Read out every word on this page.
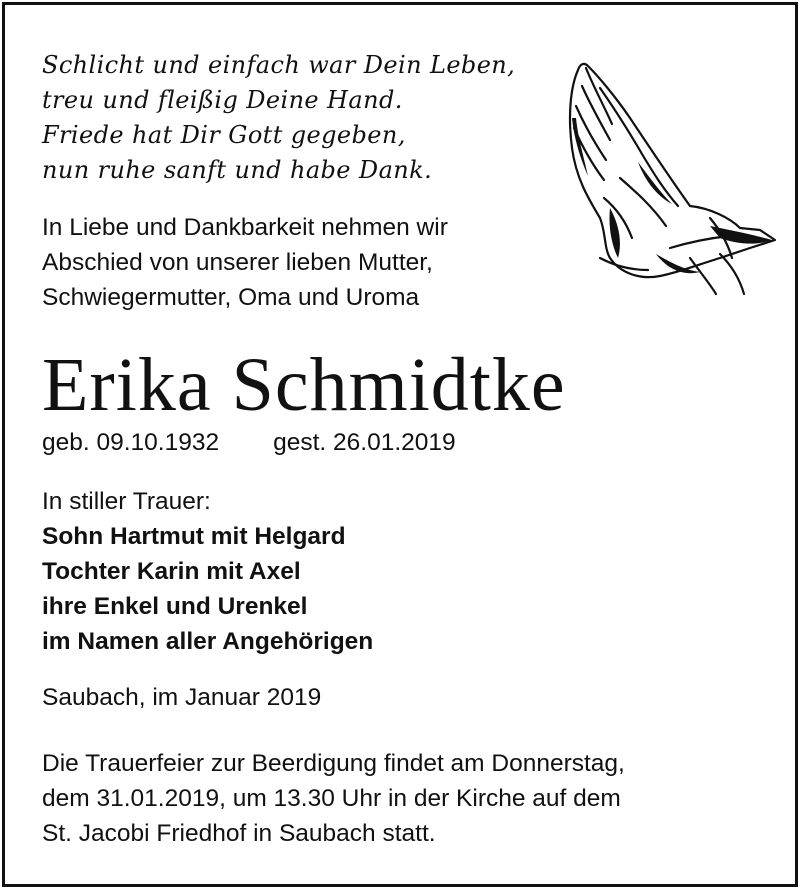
Schlicht und einfach war Dein Leben,
treu und fleißig Deine Hand.
Friede hat Dir Gott gegeben,
nun ruhe sanft und habe Dank.
In Liebe und Dankbarkeit nehmen wir
Abschied von unserer lieben Mutter,
Schwiegermutter, Oma und Uroma
Erika Schmidtke
geb. 09.10.1932 gest. 26.01.2019
In stiller Trauer:
Sohn Hartmut mit Helgard
Tochter Karin mit Axel
ihre Enkel und Urenkel
im Namen aller Angehörigen
Saubach, im Januar 2019
Die Trauerfeier zur Beerdigung findet am Donnerstag,
dem 31.01.2019, um 13.30 Uhr in der Kirche auf dem
St. Jacobi Friedhof in Saubach statt.
